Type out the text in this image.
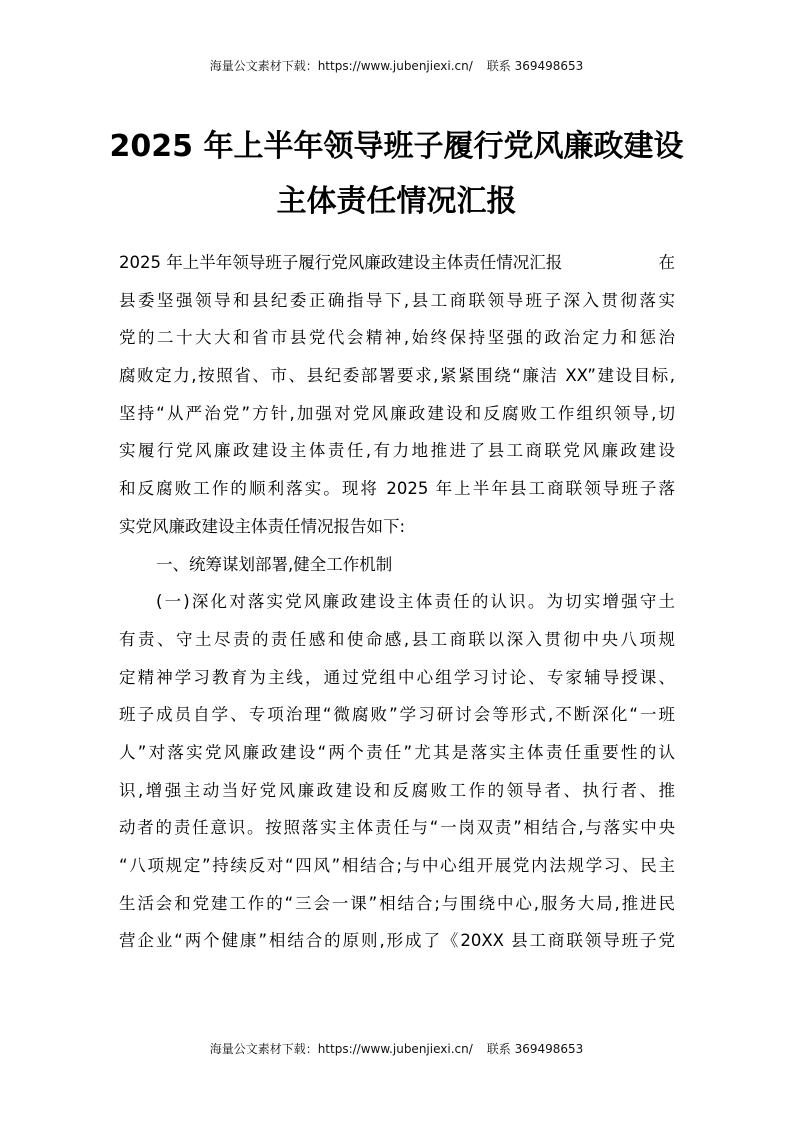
海量公文素材下载：https://www.jubenjiexi.cn/ 联系 369498653
2025 年上半年领导班子履行党风廉政建设
主体责任情况汇报
2025 年上半年领导班子履行党风廉政建设主体责任情况汇报	在
县委坚强领导和县纪委正确指导下,县工商联领导班子深入贯彻落实
党的二十大大和省市县党代会精神,始终保持坚强的政治定力和惩治
腐败定力,按照省、市、县纪委部署要求,紧紧围绕“廉洁 XX”建设目标,
坚持“从严治党”方针,加强对党风廉政建设和反腐败工作组织领导,切
实履行党风廉政建设主体责任,有力地推进了县工商联党风廉政建设
和反腐败工作的顺利落实。现将 2025 年上半年县工商联领导班子落
实党风廉政建设主体责任情况报告如下:
一、统筹谋划部署,健全工作机制
(一)深化对落实党风廉政建设主体责任的认识。为切实增强守土
有责、守土尽责的责任感和使命感,县工商联以深入贯彻中央八项规
定精神学习教育为主线，通过党组中心组学习讨论、专家辅导授课、
班子成员自学、专项治理“微腐败”学习研讨会等形式,不断深化“一班
人”对落实党风廉政建设“两个责任”尤其是落实主体责任重要性的认
识,增强主动当好党风廉政建设和反腐败工作的领导者、执行者、推
动者的责任意识。按照落实主体责任与“一岗双责”相结合,与落实中央
“八项规定”持续反对“四风”相结合;与中心组开展党内法规学习、民主
生活会和党建工作的“三会一课”相结合;与围绕中心,服务大局,推进民
营企业“两个健康”相结合的原则,形成了《20XX 县工商联领导班子党
海量公文素材下载：https://www.jubenjiexi.cn/ 联系 369498653
